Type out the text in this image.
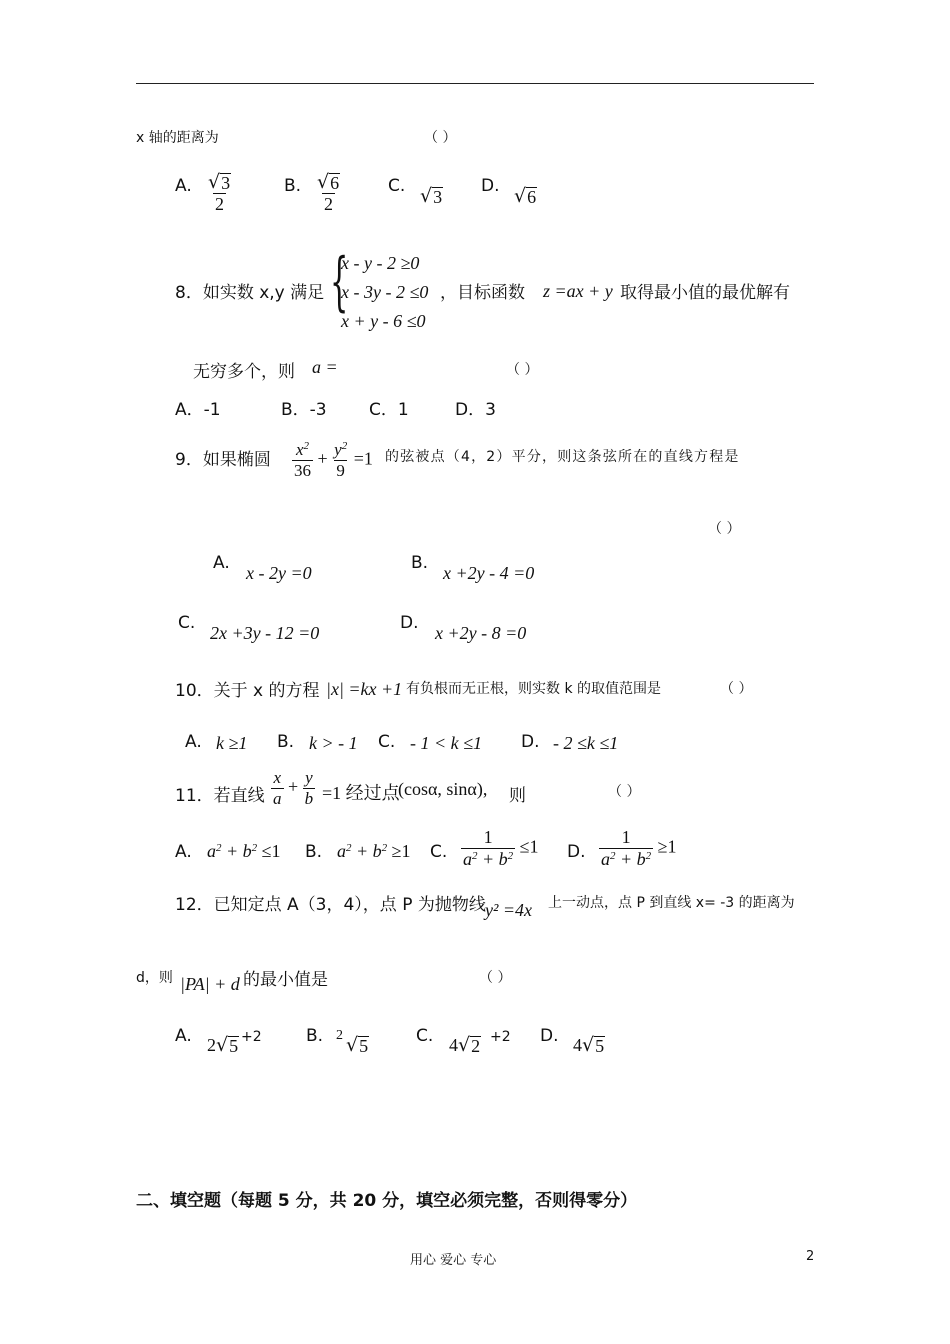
x 轴的距离为	（ ）
A. $\frac{√ 3}{2}$	B. $\frac{√ 6}{2}$	C. √ 3
D. √ 6
8．如实数 x,y 满足 {
x - y - 2 ≥0
x - 3y - 2 ≤0
x + y - 6 ≤0
，目标函数 z =ax + y 取得最小值的最优解有
无穷多个，则 a =	（ ）
A．-1	B．-3 C．1	D．3
9．如果椭圆 $\frac{x^2}{36} + \frac{y^2}{9} =1$ 的弦被点（4，2）平分，则这条弦所在的直线方程是
（ ）
A. x - 2y =0	B. x +2y - 4 =0
C. 2x +3y - 12 =0	D. x +2y - 8 =0
10．关于 x 的方程 |x| =kx +1 有负根而无正根，则实数 k 的取值范围是	（ ）
A. k ≥1 B. k > - 1 C. - 1 < k ≤1 D. - 2 ≤k ≤1
11．若直线 $\frac{x}{a} + \frac{y}{b} =1$ 经过点
(cosα, sinα), 则	（ ）
A. $a^2 + b^2 \le 1$ B. $a^2 + b^2 \ge 1$ C. $\frac{1}{a^2 + b^2} \le 1$ D. $\frac{1}{a^2 + b^2} \ge 1$
12．已知定点 A（3，4），点 P 为抛物线 y² =4x 上一动点，点 P 到直线 x= -3 的距离为
d，则 |PA| + d 的最小值是	（ ）
A. 2 √ 5 +2	B. 2 √ 5	C. 4 √ 2 +2 D. 4 √ 5
二、填空题（每题 5 分，共 20 分，填空必须完整，否则得零分）
用心 爱心 专心	2
